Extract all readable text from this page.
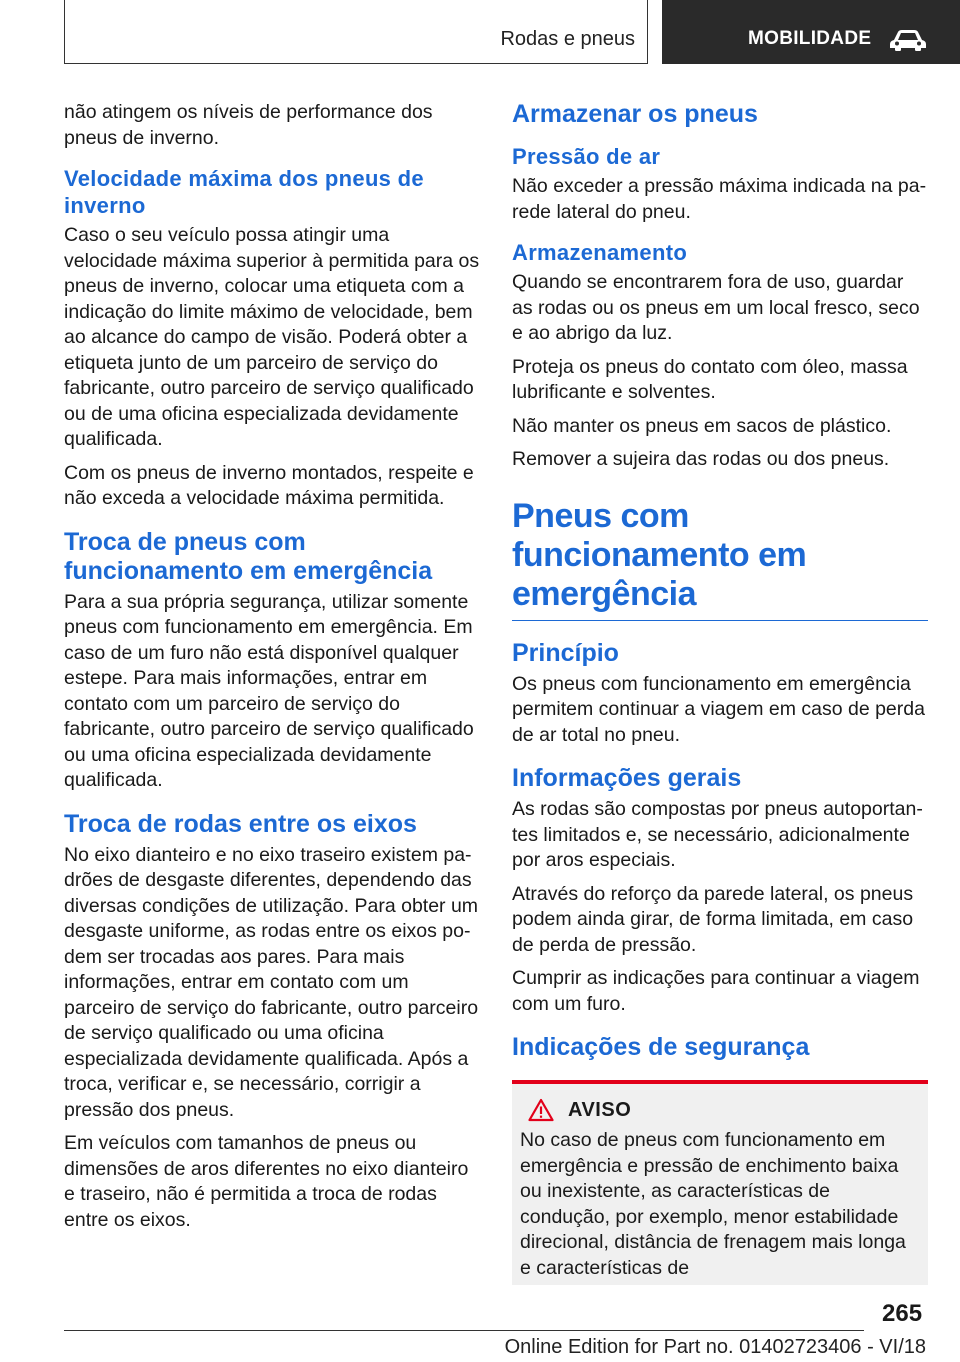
Rodas e pneus	MOBILIDADE

não atingem os níveis de performance dos pneus de inverno.

Velocidade máxima dos pneus de inverno

Caso o seu veículo possa atingir uma velocidade máxima superior à permitida para os pneus de inverno, colocar uma etiqueta com a indicação do limite máximo de velocidade, bem ao alcance do campo de visão. Poderá obter a etiqueta junto de um parceiro de serviço do fabricante, outro parceiro de serviço qualificado ou de uma oficina especializada devidamente qualificada.

Com os pneus de inverno montados, respeite e não exceda a velocidade máxima permitida.

Troca de pneus com funcionamento em emergência

Para a sua própria segurança, utilizar somente pneus com funcionamento em emergência. Em caso de um furo não está disponível qualquer estepe. Para mais informações, entrar em contato com um parceiro de serviço do fabricante, outro parceiro de serviço qualificado ou uma oficina especializada devidamente qualificada.

Troca de rodas entre os eixos

No eixo dianteiro e no eixo traseiro existem padrões de desgaste diferentes, dependendo das diversas condições de utilização. Para obter um desgaste uniforme, as rodas entre os eixos podem ser trocadas aos pares. Para mais informações, entrar em contato com um parceiro de serviço do fabricante, outro parceiro de serviço qualificado ou uma oficina especializada devidamente qualificada. Após a troca, verificar e, se necessário, corrigir a pressão dos pneus.

Em veículos com tamanhos de pneus ou dimensões de aros diferentes no eixo dianteiro e traseiro, não é permitida a troca de rodas entre os eixos.

Armazenar os pneus
Pressão de ar

Não exceder a pressão máxima indicada na parede lateral do pneu.

Armazenamento

Quando se encontrarem fora de uso, guardar as rodas ou os pneus em um local fresco, seco e ao abrigo da luz.

Proteja os pneus do contato com óleo, massa lubrificante e solventes.

Não manter os pneus em sacos de plástico.

Remover a sujeira das rodas ou dos pneus.

Pneus com funcionamento em emergência
Princípio

Os pneus com funcionamento em emergência permitem continuar a viagem em caso de perda de ar total no pneu.

Informações gerais

As rodas são compostas por pneus autoportantes limitados e, se necessário, adicionalmente por aros especiais.

Através do reforço da parede lateral, os pneus podem ainda girar, de forma limitada, em caso de perda de pressão.

Cumprir as indicações para continuar a viagem com um furo.

Indicações de segurança
AVISO

No caso de pneus com funcionamento em emergência e pressão de enchimento baixa ou inexistente, as características de condução, por exemplo, menor estabilidade direcional, distância de frenagem mais longa e características de

265
Online Edition for Part no. 01402723406 - VI/18
